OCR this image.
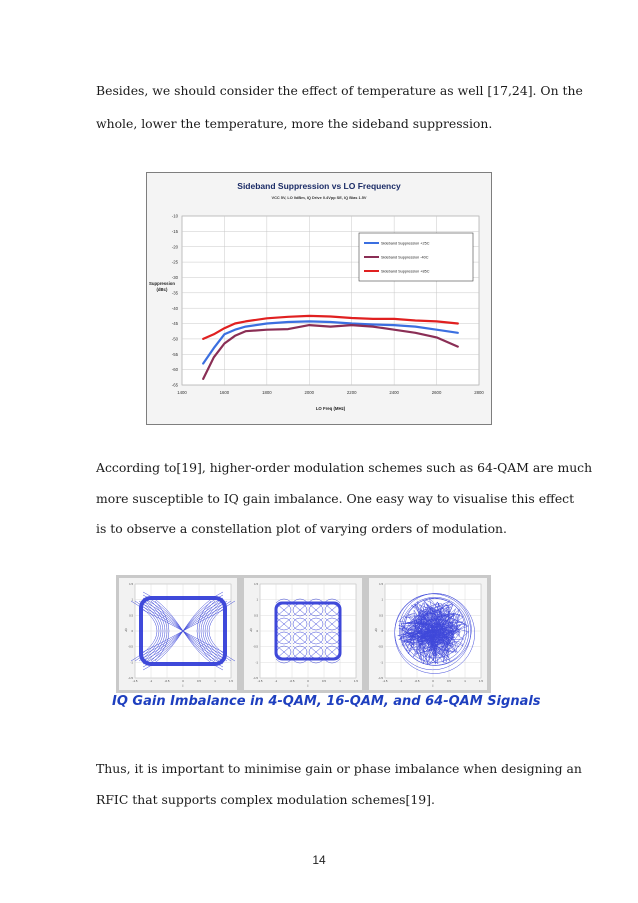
Besides, we should consider the effect of temperature as well [17,24]. On the

whole, lower the temperature, more the sideband suppression.

Sideband Suppression vs LO Frequency
VCC 5V, LO 0dBm, IQ Drive 0.4Vpp SE, IQ Bias 1.5V
-10
-15
-20
-25
-30
-35
-40
-45
-50
-55
-60
-65
1400	1600	1800	2000	2200	2400	2600	2800
Suppression
(dBc)
LO Freq (MHz)
Sideband Suppression +25C
Sideband Suppression -40C
Sideband Suppression +85C

According to[19], higher-order modulation schemes such as 64-QAM are much

more susceptible to IQ gain imbalance. One easy way to visualise this effect

is to observe a constellation plot of varying orders of modulation.

1.5
-1.5
1
-1
0.5
-0.5
0
0
-0.5
0.5
-1
1
-1.5
1.5
Q
I
1.5
-1.5
1
-1
0.5
-0.5
0
0
-0.5
0.5
-1
1
-1.5
1.5
Q
I
1.5
-1.5
1
-1
0.5
-0.5
0
0
-0.5
0.5
-1
1
-1.5
1.5
Q
I

IQ Gain Imbalance in 4-QAM, 16-QAM, and 64-QAM Signals

Thus, it is important to minimise gain or phase imbalance when designing an

RFIC that supports complex modulation schemes[19].

14
